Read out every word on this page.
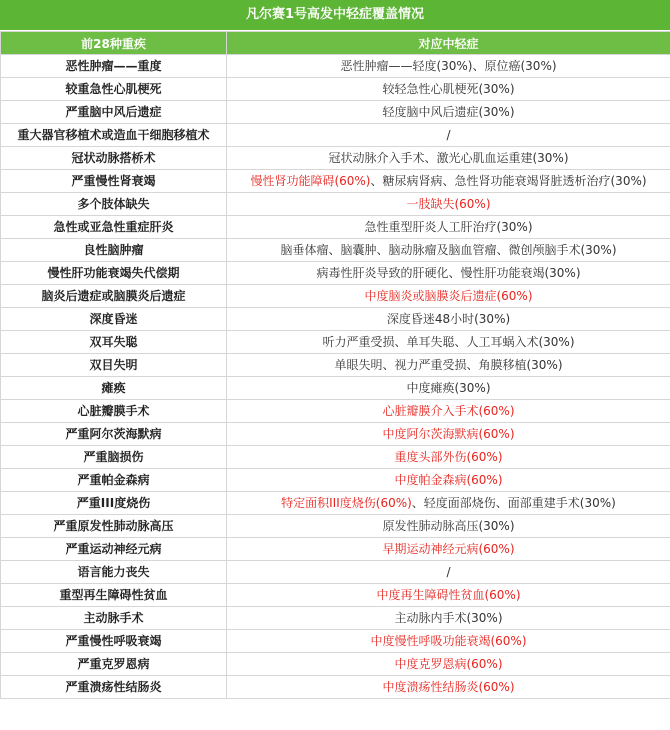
凡尔赛1号高发中轻症覆盖情况
前28种重疾	对应中轻症
恶性肿瘤——重度	恶性肿瘤——轻度(30%)、原位癌(30%)
较重急性心肌梗死	较轻急性心肌梗死(30%)
严重脑中风后遗症	轻度脑中风后遗症(30%)
重大器官移植术或造血干细胞移植术	/
冠状动脉搭桥术	冠状动脉介入手术、激光心肌血运重建(30%)
严重慢性肾衰竭	慢性肾功能障碍(60%)、糖尿病肾病、急性肾功能衰竭肾脏透析治疗(30%)
多个肢体缺失	一肢缺失(60%)
急性或亚急性重症肝炎	急性重型肝炎人工肝治疗(30%)
良性脑肿瘤	脑垂体瘤、脑囊肿、脑动脉瘤及脑血管瘤、微创颅脑手术(30%)
慢性肝功能衰竭失代偿期	病毒性肝炎导致的肝硬化、慢性肝功能衰竭(30%)
脑炎后遗症或脑膜炎后遗症	中度脑炎或脑膜炎后遗症(60%)
深度昏迷	深度昏迷48小时(30%)
双耳失聪	听力严重受损、单耳失聪、人工耳蜗入术(30%)
双目失明	单眼失明、视力严重受损、角膜移植(30%)
瘫痪	中度瘫痪(30%)
心脏瓣膜手术	心脏瓣膜介入手术(60%)
严重阿尔茨海默病	中度阿尔茨海默病(60%)
严重脑损伤	重度头部外伤(60%)
严重帕金森病	中度帕金森病(60%)
严重III度烧伤	特定面积III度烧伤(60%)、轻度面部烧伤、面部重建手术(30%)
严重原发性肺动脉高压	原发性肺动脉高压(30%)
严重运动神经元病	早期运动神经元病(60%)
语言能力丧失	/
重型再生障碍性贫血	中度再生障碍性贫血(60%)
主动脉手术	主动脉内手术(30%)
严重慢性呼吸衰竭	中度慢性呼吸功能衰竭(60%)
严重克罗恩病	中度克罗恩病(60%)
严重溃疡性结肠炎	中度溃疡性结肠炎(60%)
